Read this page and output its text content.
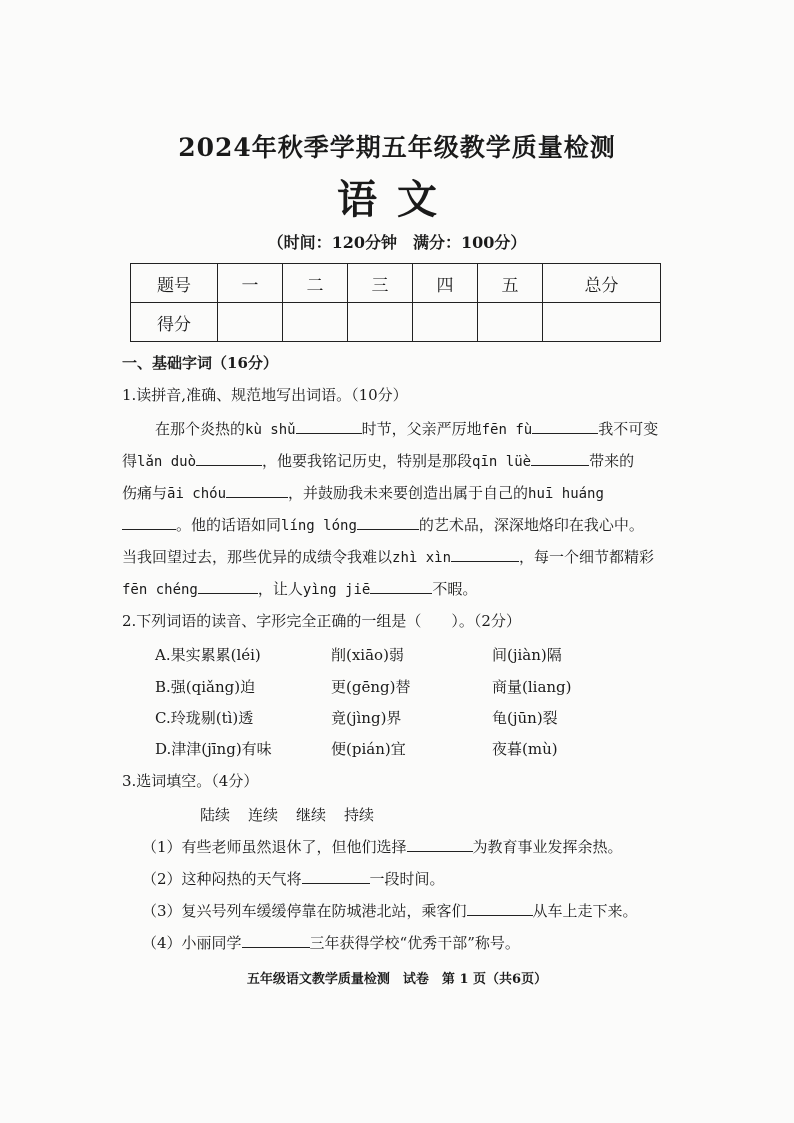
2024年秋季学期五年级教学质量检测
语文
（时间：120分钟　满分：100分）
题号	一	二	三	四	五	总分
得分						
一、基础字词（16分）
1.读拼音,准确、规范地写出词语。（10分）
在那个炎热的kù shǔ	时节，父亲严厉地fēn fù	我不可变
得lǎn duò	，他要我铭记历史，特别是那段qīn lüè	带来的
伤痛与āi chóu	，并鼓励我未来要创造出属于自己的huī huáng
。他的话语如同líng lóng	的艺术品，深深地烙印在我心中。
当我回望过去，那些优异的成绩令我难以zhì xìn	，每一个细节都精彩
fēn chéng	，让人yìng jiē	不暇。
2.下列词语的读音、字形完全正确的一组是（　　）。（2分）
A.果实累累(léi)	削(xiāo)弱	间(jiàn)隔
B.强(qiǎng)迫	更(gēng)替	商量(liang)
C.玲珑剔(tì)透	竟(jìng)界	龟(jūn)裂
D.津津(jīng)有味	便(pián)宜	夜暮(mù)
3.选词填空。（4分）
陆续 连续 继续 持续
（1）有些老师虽然退休了，但他们选择	为教育事业发挥余热。
（2）这种闷热的天气将	一段时间。
（3）复兴号列车缓缓停靠在防城港北站，乘客们	从车上走下来。
（4）小丽同学	三年获得学校“优秀干部”称号。
五年级语文教学质量检测　试卷　第 1 页（共6页）
